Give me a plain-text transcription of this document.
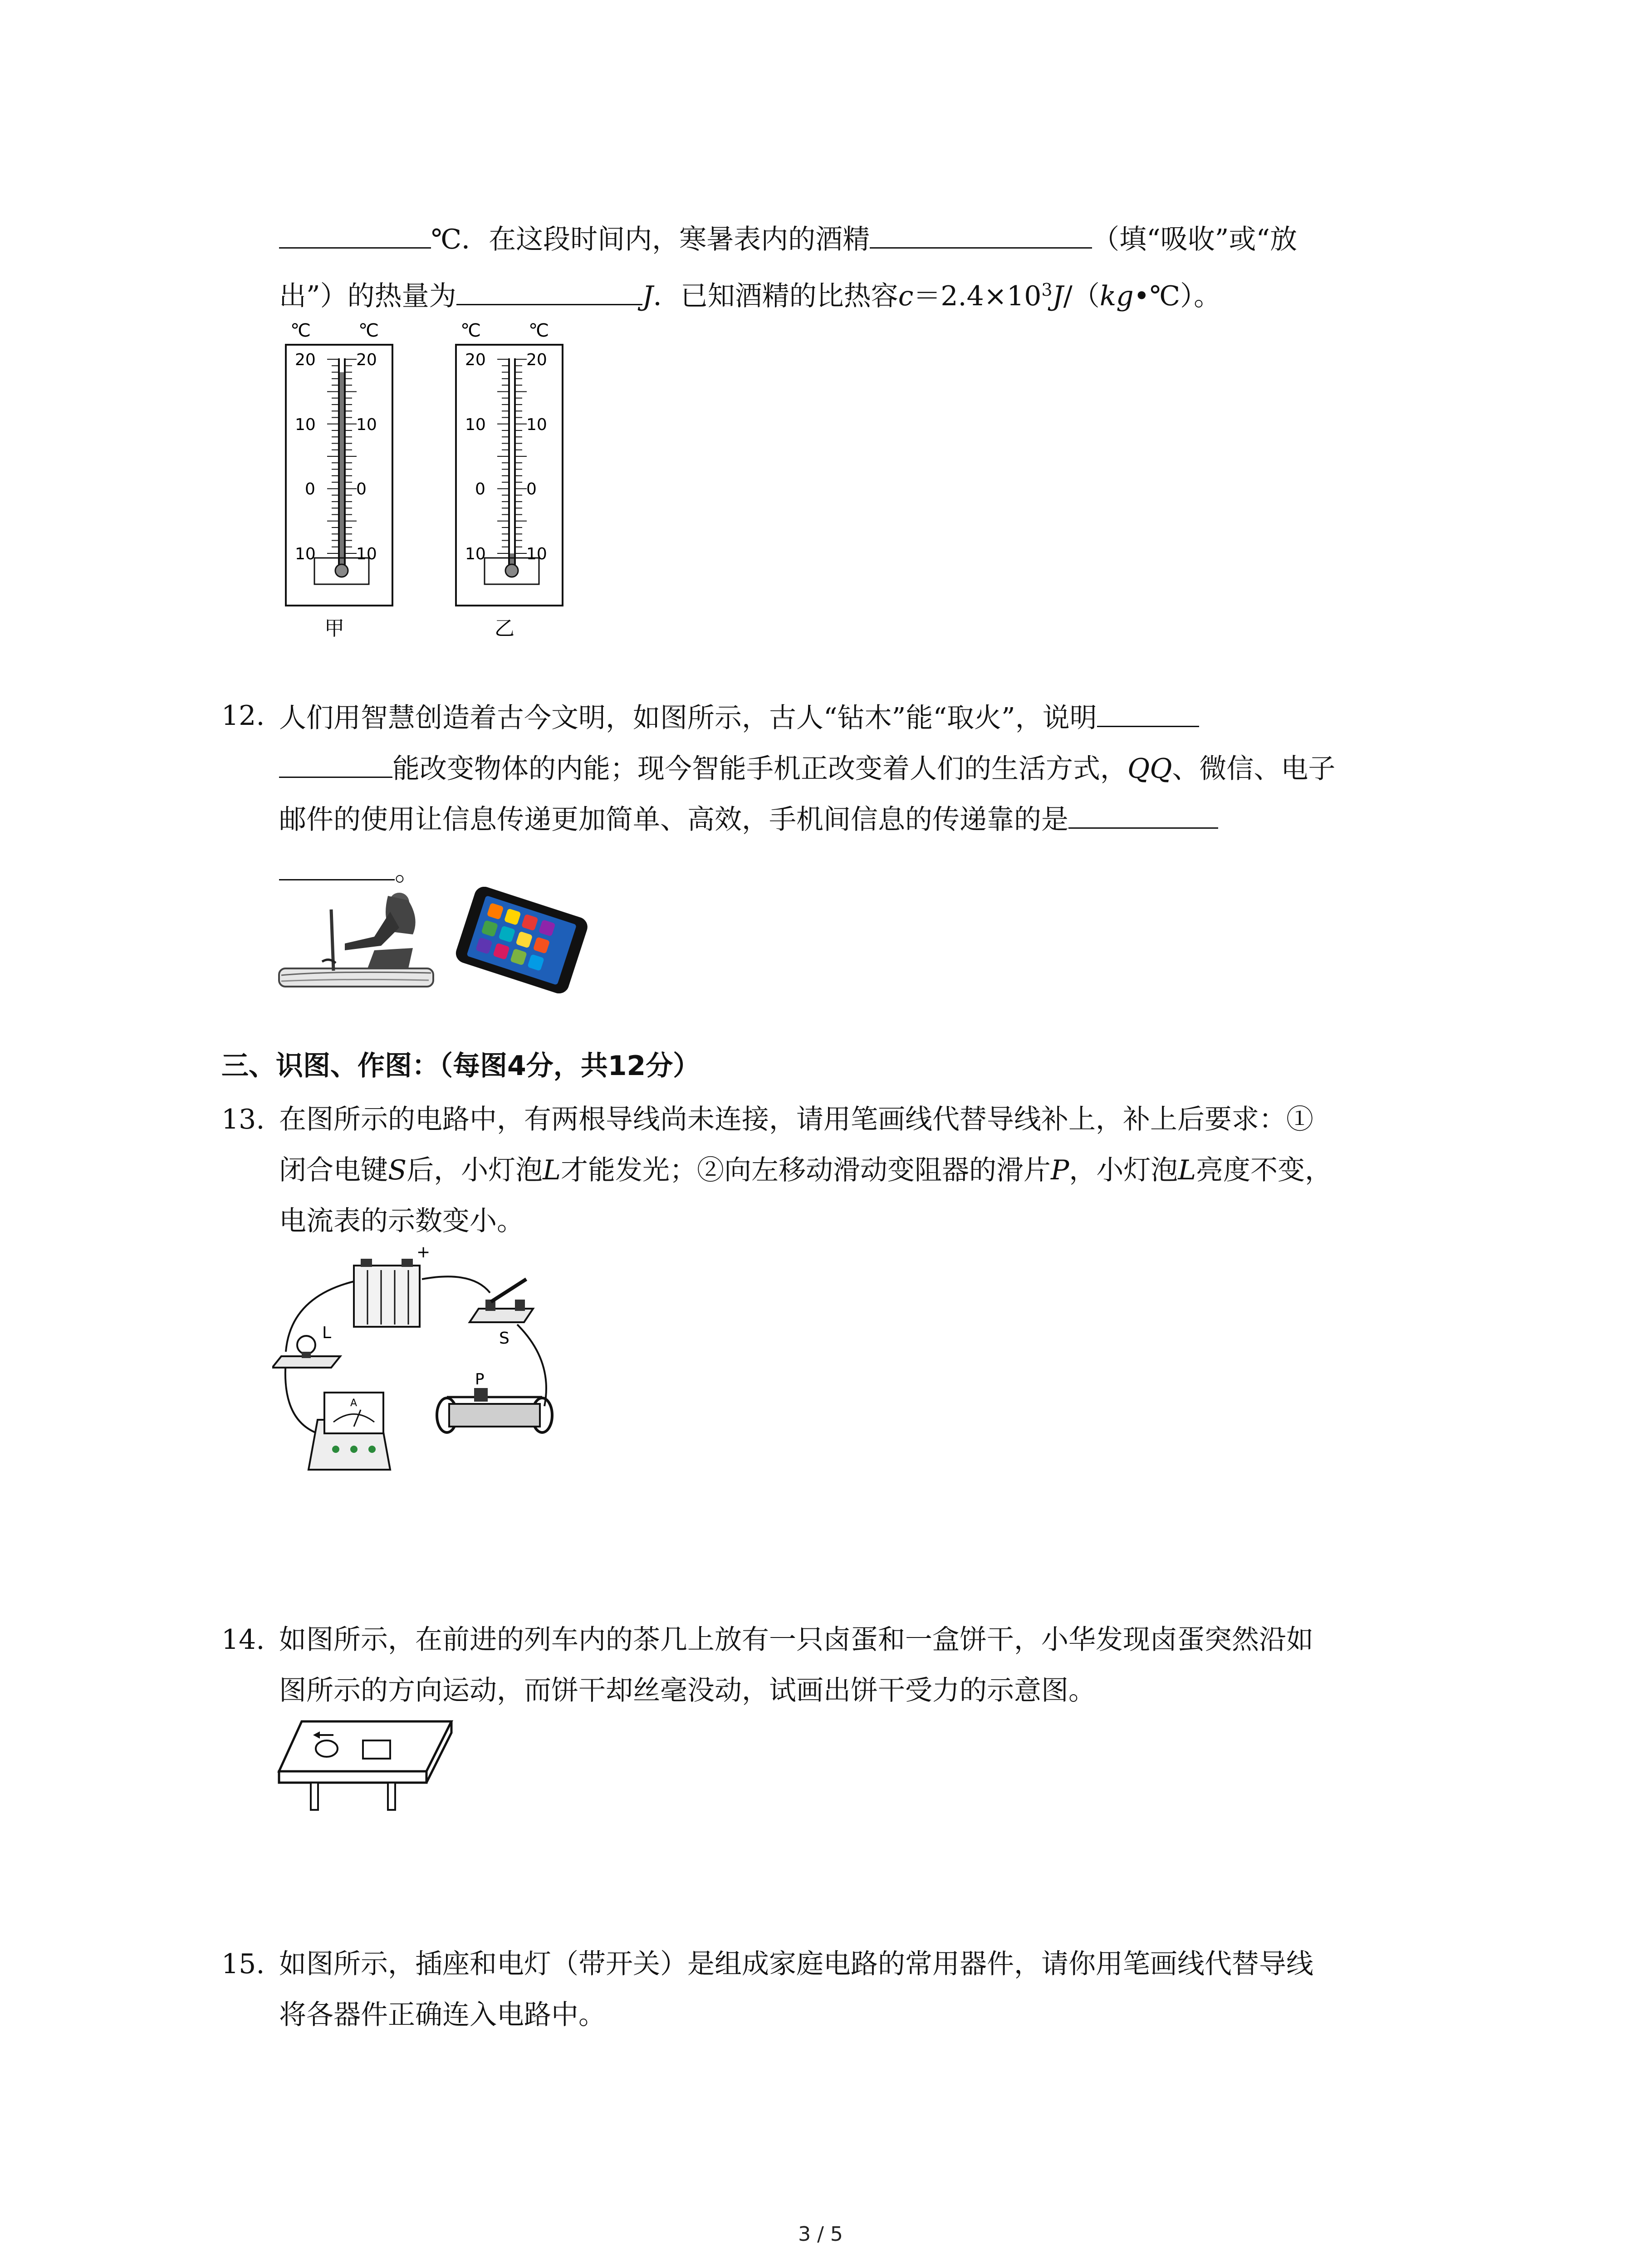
℃．在这段时间内，寒暑表内的酒精	（填“吸收”或“放
出”）的热量为	J．已知酒精的比热容$c=2.4\times 10^3J/(kg•℃)$。
℃	℃
20 20
10 10
0	0
10 10
甲
℃	℃
20 20
10 10
0	0
10 10
乙
12. 人们用智慧创造着古今文明，如图所示，古人“钻木”能“取火”，说明
能改变物体的内能；现今智能手机正改变着人们的生活方式，QQ、微信、电子
邮件的使用让信息传递更加简单、高效，手机间信息的传递靠的是
。
三、识图、作图：（每图4分，共12分）
13. 在图所示的电路中，有两根导线尚未连接，请用笔画线代替导线补上，补上后要求：①
闭合电键S后，小灯泡L才能发光；②向左移动滑动变阻器的滑片P，小灯泡L亮度不变，
电流表的示数变小。
+
S
L
P
A
14. 如图所示，在前进的列车内的茶几上放有一只卤蛋和一盒饼干，小华发现卤蛋突然沿如
图所示的方向运动，而饼干却丝毫没动，试画出饼干受力的示意图。
15. 如图所示，插座和电灯（带开关）是组成家庭电路的常用器件，请你用笔画线代替导线
将各器件正确连入电路中。
3 / 5
